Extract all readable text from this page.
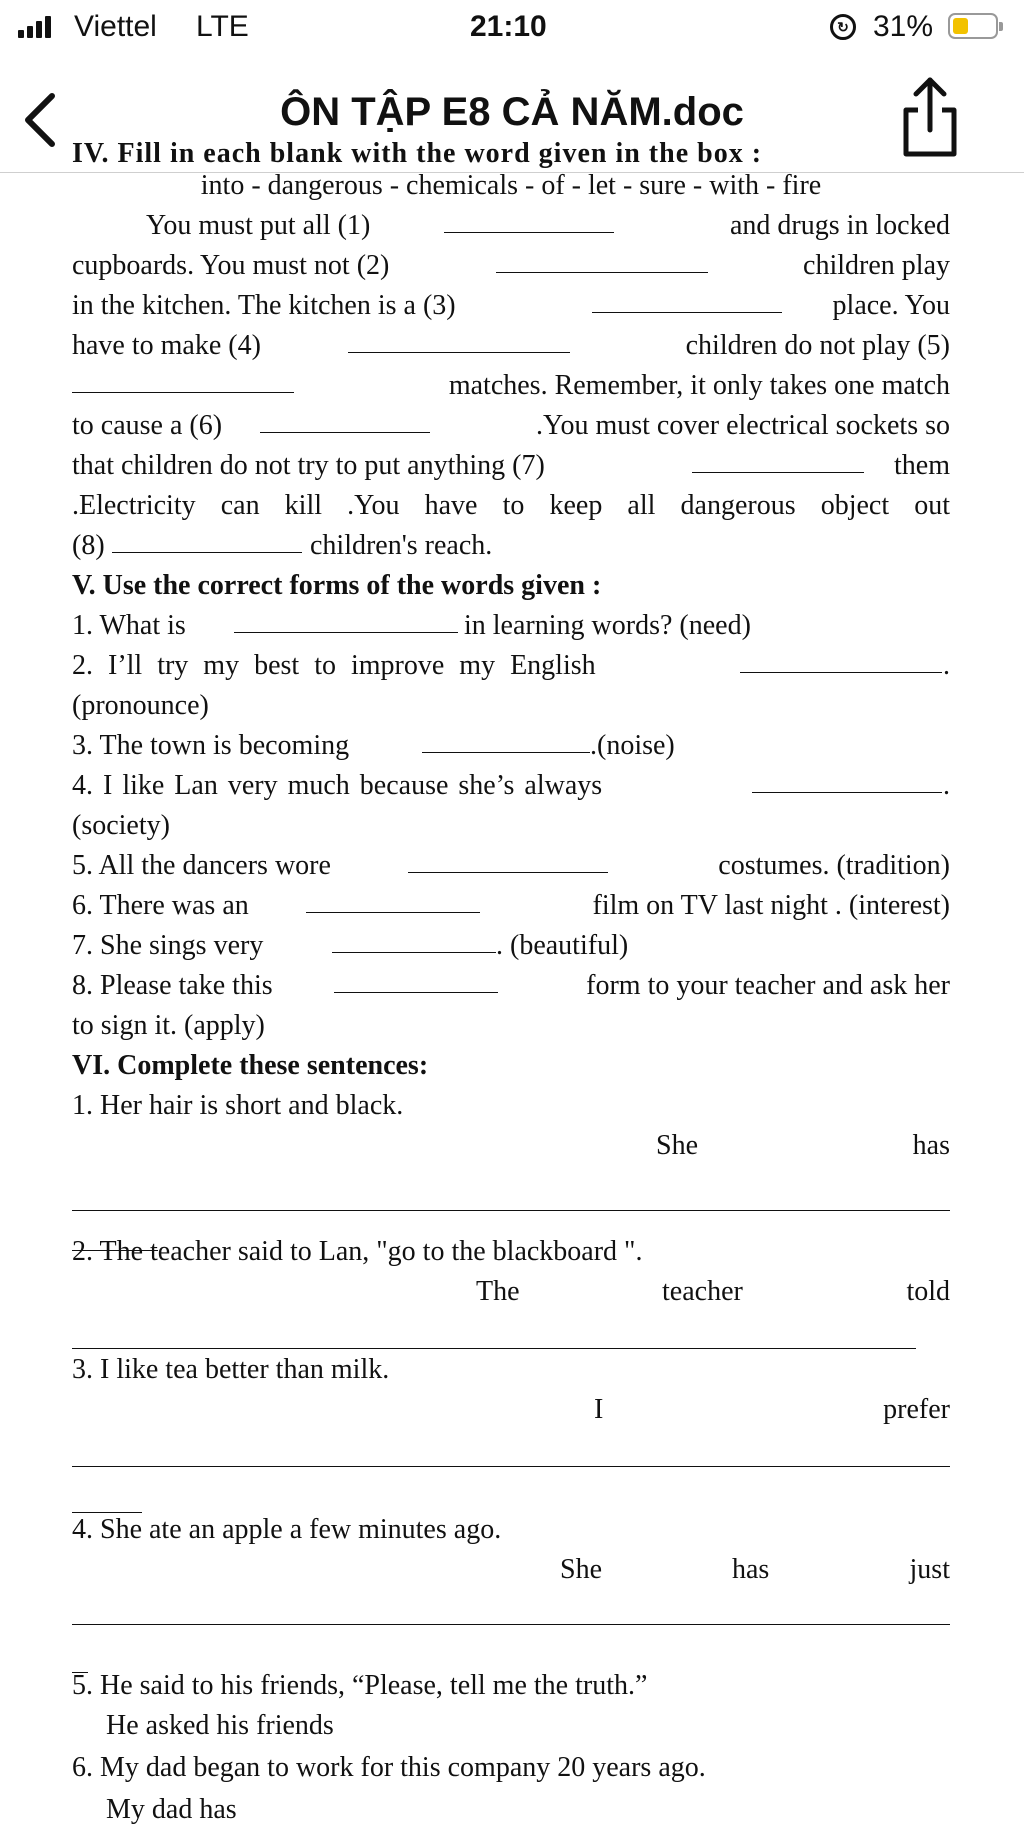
Viettel LTE	21:10	↻ 31%
ÔN TẬP E8 CẢ NĂM.doc
IV. Fill in each blank with the word given in the box :
into - dangerous - chemicals - of - let - sure - with - fire
You must put all (1)	and drugs in locked
cupboards. You must not (2)	children play
in the kitchen. The kitchen is a (3)	place. You
have to make (4)	children do not play (5)
matches. Remember, it only takes one match
to cause a (6)	.You must cover electrical sockets so
that children do not try to put anything (7)	them
.Electricity can kill .You have to keep all dangerous object out
(8)	children's reach.
V. Use the correct forms of the words given :
1. What is	in learning words? (need)
2. I’ll try my best to improve my English	.
(pronounce)
3. The town is becoming	.(noise)
4. I like Lan very much because she’s always	.
(society)
5. All the dancers wore	costumes. (tradition)
6. There was an	film on TV last night . (interest)
7. She sings very	. (beautiful)
8. Please take this	form to your teacher and ask her
to sign it. (apply)
VI. Complete these sentences:
1. Her hair is short and black.
She	has
2. The teacher said to Lan, "go to the blackboard ".
The	teacher	told
3. I like tea better than milk.
I	prefer
4. She ate an apple a few minutes ago.
She	has	just
5. He said to his friends, “Please, tell me the truth.”
He asked his friends
6. My dad began to work for this company 20 years ago.
My dad has
